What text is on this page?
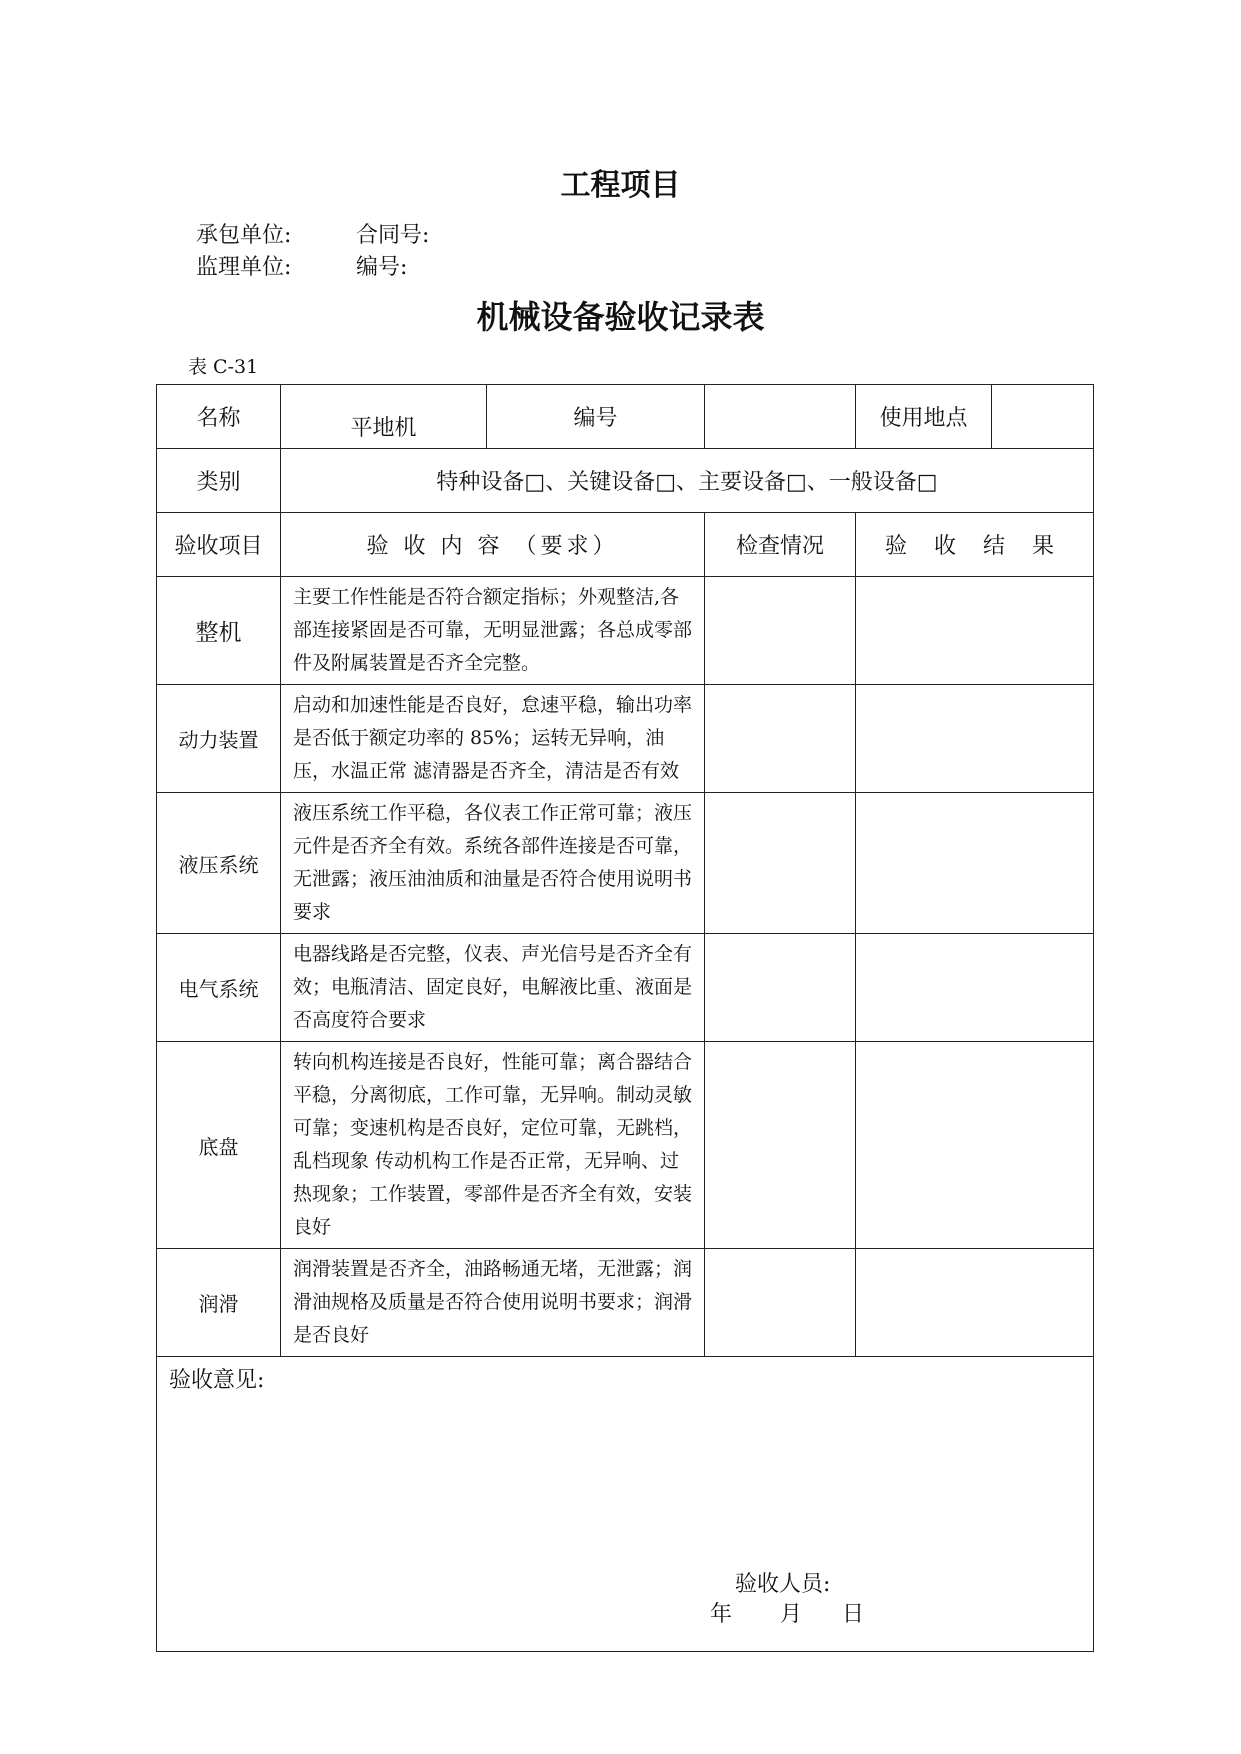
工程项目
承包单位:	合同号:
监理单位:	编号:
机械设备验收记录表
表 C-31
名称	平地机	编号		使用地点	
类别	特种设备□、关键设备□、主要设备□、一般设备□				
验收项目	验 收 内 容 （要求）		检查情况	验 收 结 果	
整机	主要工作性能是否符合额定指标；外观整洁,各部连接紧固是否可靠，无明显泄露；各总成零部件及附属装置是否齐全完整。				
动力装置	启动和加速性能是否良好，怠速平稳，输出功率是否低于额定功率的 85%；运转无异响，油压，水温正常 滤清器是否齐全，清洁是否有效				
液压系统	液压系统工作平稳，各仪表工作正常可靠；液压元件是否齐全有效。系统各部件连接是否可靠，无泄露；液压油油质和油量是否符合使用说明书要求				
电气系统	电器线路是否完整，仪表、声光信号是否齐全有效；电瓶清洁、固定良好，电解液比重、液面是否高度符合要求				
底盘	转向机构连接是否良好，性能可靠；离合器结合平稳，分离彻底，工作可靠，无异响。制动灵敏可靠；变速机构是否良好，定位可靠，无跳档，乱档现象 传动机构工作是否正常，无异响、过热现象；工作装置，零部件是否齐全有效，安装良好				
润滑	润滑装置是否齐全，油路畅通无堵，无泄露；润滑油规格及质量是否符合使用说明书要求；润滑是否良好				

验收意见:
验收人员:
年 月 日					
